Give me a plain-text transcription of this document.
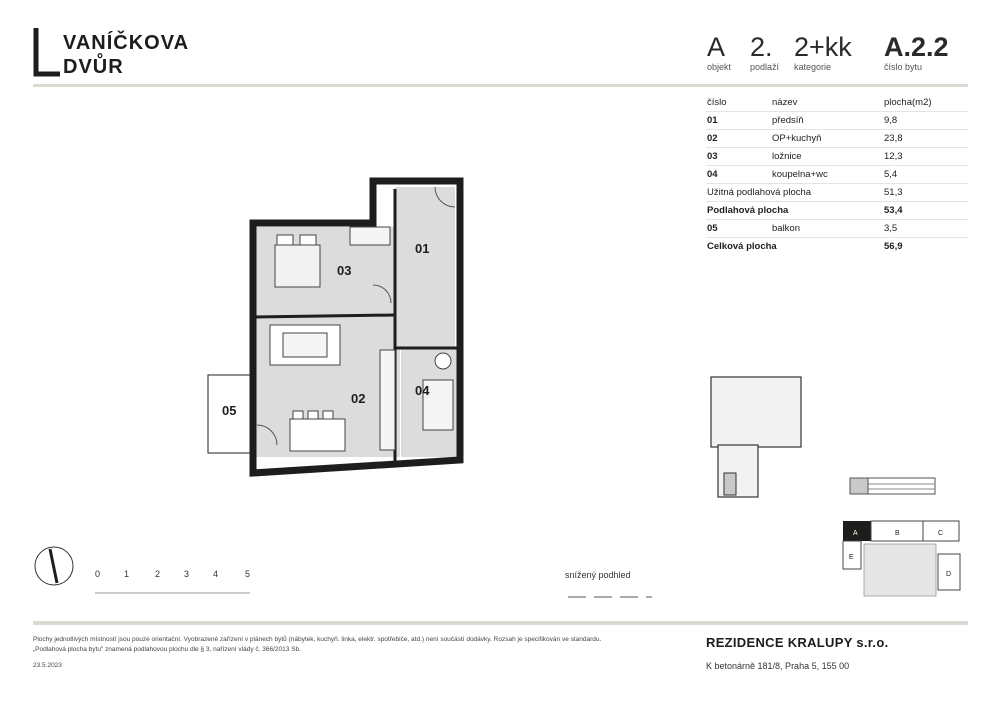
VANÍČKOVA
DVŮR
A
objekt
2.
podlaží
2+kk
kategorie
A.2.2
číslo bytu
číslo	název	plocha(m2)
01	předsíň	9,8
02	OP+kuchyň	23,8
03	ložnice	12,3
04	koupelna+wc	5,4
Užitná podlahová plocha	51,3
Podlahová plocha	53,4
05	balkon	3,5
Celková plocha	56,9
01
02
03
04
05
A	B	C
D
E
0	1	2	3	4	5	snížený podhled
Plochy jednotlivých místností jsou pouze orientační. Vyobrazené zařízení v plánech bytů (nábytek, kuchyň. linka, elektr. spotřebiče, atd.) není součástí dodávky. Rozsah je specifikován ve standardu.
„Podlahová plocha bytu" znamená podlahovou plochu dle § 3, nařízení vlády č. 366/2013 Sb.
23.5.2023
REZIDENCE KRALUPY s.r.o.
K betonárně 181/8, Praha 5, 155 00
